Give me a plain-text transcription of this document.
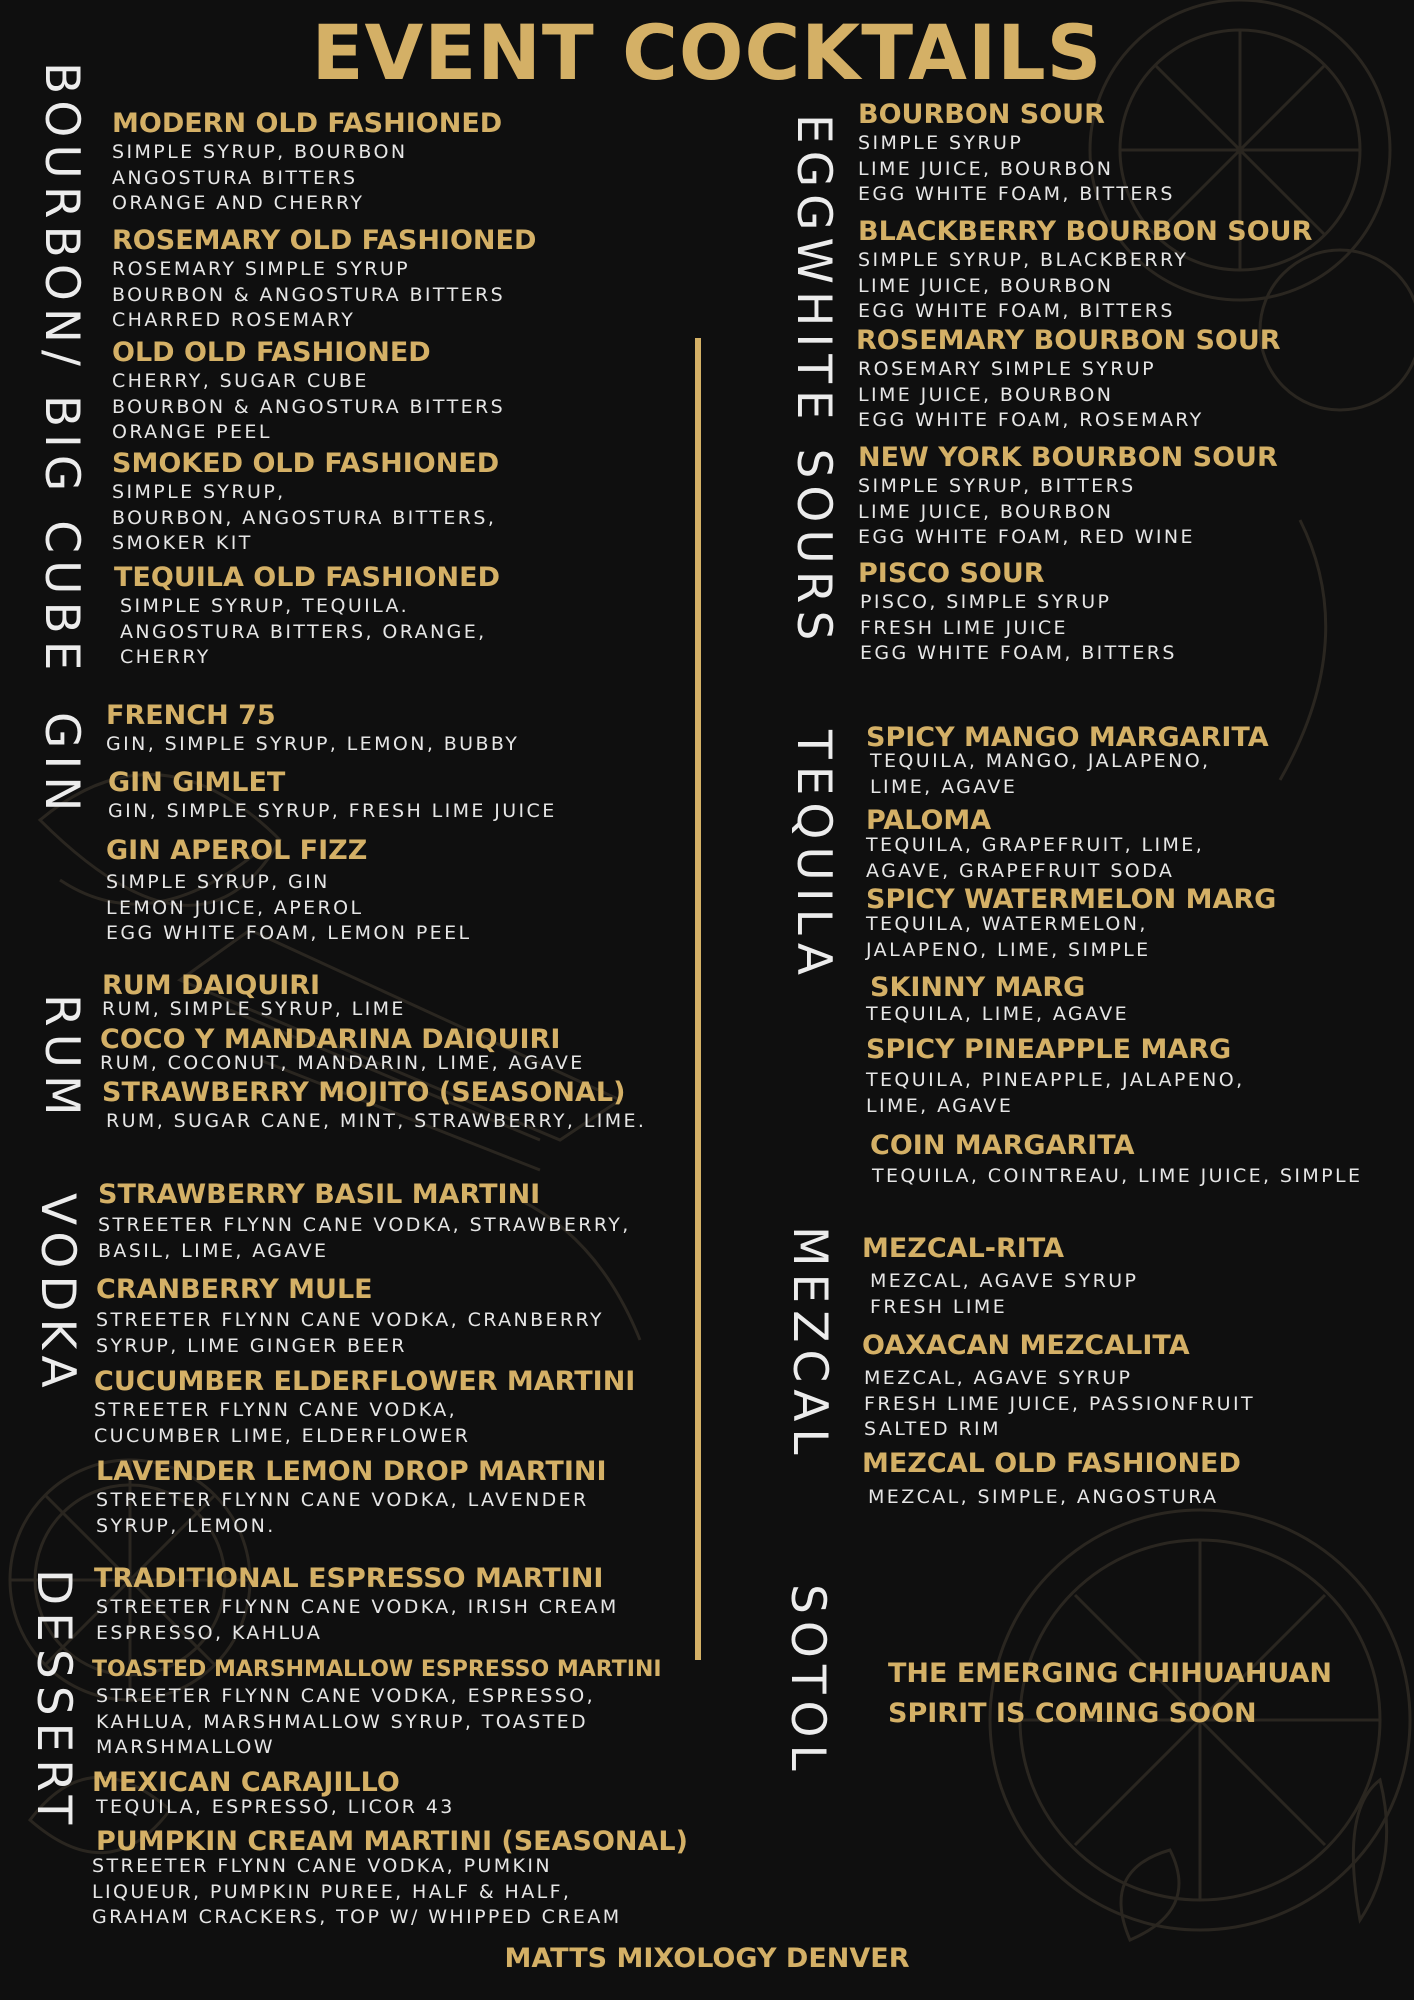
EVENT COCKTAILS
BOURBON/ BIG CUBE
GIN
RUM
VODKA
DESSERT
EGGWHITE SOURS
TEQUILA
MEZCAL
SOTOL
MODERN OLD FASHIONED
SIMPLE SYRUP, BOURBON
ANGOSTURA BITTERS
ORANGE AND CHERRY
ROSEMARY OLD FASHIONED
ROSEMARY SIMPLE SYRUP
BOURBON & ANGOSTURA BITTERS
CHARRED ROSEMARY
OLD OLD FASHIONED
CHERRY, SUGAR CUBE
BOURBON & ANGOSTURA BITTERS
ORANGE PEEL
SMOKED OLD FASHIONED
SIMPLE SYRUP,
BOURBON, ANGOSTURA BITTERS,
SMOKER KIT
TEQUILA OLD FASHIONED
SIMPLE SYRUP, TEQUILA.
ANGOSTURA BITTERS, ORANGE,
CHERRY
FRENCH 75
GIN, SIMPLE SYRUP, LEMON, BUBBY
GIN GIMLET
GIN, SIMPLE SYRUP, FRESH LIME JUICE
GIN APEROL FIZZ
SIMPLE SYRUP, GIN
LEMON JUICE, APEROL
EGG WHITE FOAM, LEMON PEEL
RUM DAIQUIRI
RUM, SIMPLE SYRUP, LIME
COCO Y MANDARINA DAIQUIRI
RUM, COCONUT, MANDARIN, LIME, AGAVE
STRAWBERRY MOJITO (SEASONAL)
RUM, SUGAR CANE, MINT, STRAWBERRY, LIME.
STRAWBERRY BASIL MARTINI
STREETER FLYNN CANE VODKA, STRAWBERRY,
BASIL, LIME, AGAVE
CRANBERRY MULE
STREETER FLYNN CANE VODKA, CRANBERRY
SYRUP, LIME GINGER BEER
CUCUMBER ELDERFLOWER MARTINI
STREETER FLYNN CANE VODKA,
CUCUMBER LIME, ELDERFLOWER
LAVENDER LEMON DROP MARTINI
STREETER FLYNN CANE VODKA, LAVENDER
SYRUP, LEMON.
TRADITIONAL ESPRESSO MARTINI
STREETER FLYNN CANE VODKA, IRISH CREAM
ESPRESSO, KAHLUA
TOASTED MARSHMALLOW ESPRESSO MARTINI
STREETER FLYNN CANE VODKA, ESPRESSO,
KAHLUA, MARSHMALLOW SYRUP, TOASTED
MARSHMALLOW
MEXICAN CARAJILLO
TEQUILA, ESPRESSO, LICOR 43
PUMPKIN CREAM MARTINI (SEASONAL)
STREETER FLYNN CANE VODKA, PUMKIN
LIQUEUR, PUMPKIN PUREE, HALF & HALF,
GRAHAM CRACKERS, TOP W/ WHIPPED CREAM
BOURBON SOUR
SIMPLE SYRUP
LIME JUICE, BOURBON
EGG WHITE FOAM, BITTERS
BLACKBERRY BOURBON SOUR
SIMPLE SYRUP, BLACKBERRY
LIME JUICE, BOURBON
EGG WHITE FOAM, BITTERS
ROSEMARY BOURBON SOUR
ROSEMARY SIMPLE SYRUP
LIME JUICE, BOURBON
EGG WHITE FOAM, ROSEMARY
NEW YORK BOURBON SOUR
SIMPLE SYRUP, BITTERS
LIME JUICE, BOURBON
EGG WHITE FOAM, RED WINE
PISCO SOUR
PISCO, SIMPLE SYRUP
FRESH LIME JUICE
EGG WHITE FOAM, BITTERS
SPICY MANGO MARGARITA
TEQUILA, MANGO, JALAPENO,
LIME, AGAVE
PALOMA
TEQUILA, GRAPEFRUIT, LIME,
AGAVE, GRAPEFRUIT SODA
SPICY WATERMELON MARG
TEQUILA, WATERMELON,
JALAPENO, LIME, SIMPLE
SKINNY MARG
TEQUILA, LIME, AGAVE
SPICY PINEAPPLE MARG
TEQUILA, PINEAPPLE, JALAPENO,
LIME, AGAVE
COIN MARGARITA
TEQUILA, COINTREAU, LIME JUICE, SIMPLE
MEZCAL-RITA
MEZCAL, AGAVE SYRUP
FRESH LIME
OAXACAN MEZCALITA
MEZCAL, AGAVE SYRUP
FRESH LIME JUICE, PASSIONFRUIT
SALTED RIM
MEZCAL OLD FASHIONED
MEZCAL, SIMPLE, ANGOSTURA
THE EMERGING CHIHUAHUAN
SPIRIT IS COMING SOON
MATTS MIXOLOGY DENVER
